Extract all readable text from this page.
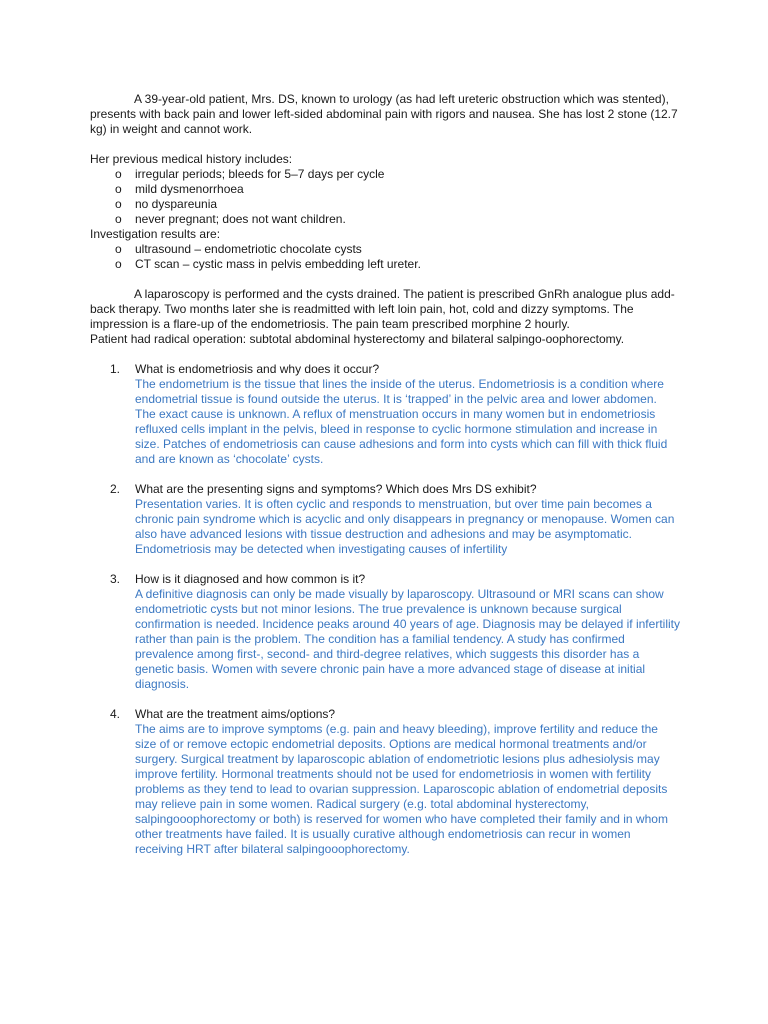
A 39-year-old patient, Mrs. DS, known to urology (as had left ureteric obstruction which was stented), presents with back pain and lower left-sided abdominal pain with rigors and nausea. She has lost 2 stone (12.7 kg) in weight and cannot work.

Her previous medical history includes:

o irregular periods; bleeds for 5–7 days per cycle
o mild dysmenorrhoea
o no dyspareunia
o never pregnant; does not want children.

Investigation results are:

o ultrasound – endometriotic chocolate cysts
o CT scan – cystic mass in pelvis embedding left ureter.

A laparoscopy is performed and the cysts drained. The patient is prescribed GnRh analogue plus add-back therapy. Two months later she is readmitted with left loin pain, hot, cold and dizzy symptoms. The impression is a flare-up of the endometriosis. The pain team prescribed morphine 2 hourly.

Patient had radical operation: subtotal abdominal hysterectomy and bilateral salpingo-oophorectomy.

1. What is endometriosis and why does it occur?

The endometrium is the tissue that lines the inside of the uterus. Endometriosis is a condition where endometrial tissue is found outside the uterus. It is ‘trapped’ in the pelvic area and lower abdomen. The exact cause is unknown. A reflux of menstruation occurs in many women but in endometriosis refluxed cells implant in the pelvis, bleed in response to cyclic hormone stimulation and increase in size. Patches of endometriosis can cause adhesions and form into cysts which can fill with thick fluid and are known as ‘chocolate’ cysts.

2. What are the presenting signs and symptoms? Which does Mrs DS exhibit?

Presentation varies. It is often cyclic and responds to menstruation, but over time pain becomes a chronic pain syndrome which is acyclic and only disappears in pregnancy or menopause. Women can also have advanced lesions with tissue destruction and adhesions and may be asymptomatic. Endometriosis may be detected when investigating causes of infertility

3. How is it diagnosed and how common is it?

A definitive diagnosis can only be made visually by laparoscopy. Ultrasound or MRI scans can show endometriotic cysts but not minor lesions. The true prevalence is unknown because surgical confirmation is needed. Incidence peaks around 40 years of age. Diagnosis may be delayed if infertility rather than pain is the problem. The condition has a familial tendency. A study has confirmed prevalence among first-, second- and third-degree relatives, which suggests this disorder has a genetic basis. Women with severe chronic pain have a more advanced stage of disease at initial diagnosis.

4. What are the treatment aims/options?

The aims are to improve symptoms (e.g. pain and heavy bleeding), improve fertility and reduce the size of or remove ectopic endometrial deposits. Options are medical hormonal treatments and/or surgery. Surgical treatment by laparoscopic ablation of endometriotic lesions plus adhesiolysis may improve fertility. Hormonal treatments should not be used for endometriosis in women with fertility problems as they tend to lead to ovarian suppression. Laparoscopic ablation of endometrial deposits may relieve pain in some women. Radical surgery (e.g. total abdominal hysterectomy, salpingooophorectomy or both) is reserved for women who have completed their family and in whom other treatments have failed. It is usually curative although endometriosis can recur in women receiving HRT after bilateral salpingooophorectomy.
